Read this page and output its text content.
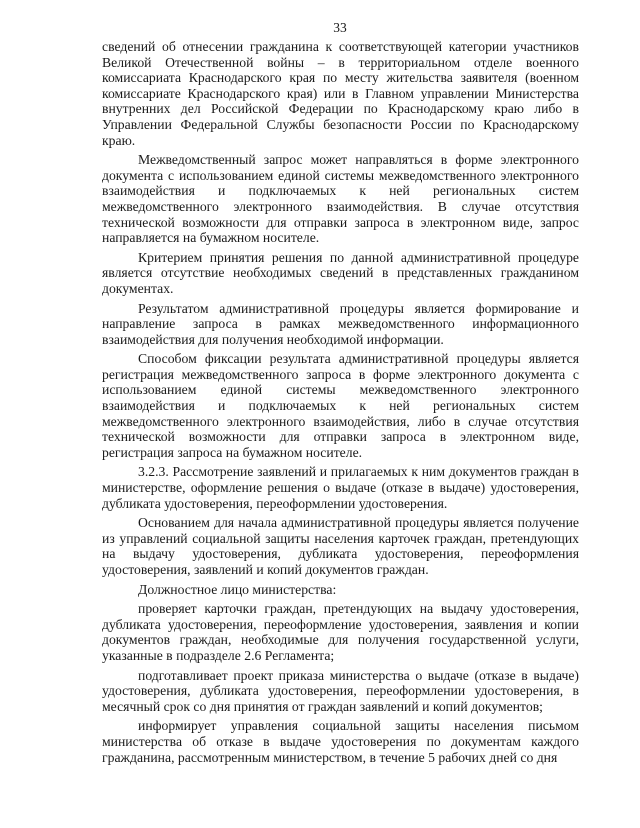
33

сведений об отнесении гражданина к соответствующей категории участников Великой Отечественной войны – в территориальном отделе военного комиссариата Краснодарского края по месту жительства заявителя (военном комиссариате Краснодарского края) или в Главном управлении Министерства внутренних дел Российской Федерации по Краснодарскому краю либо в Управлении Федеральной Службы безопасности России по Краснодарскому краю.

Межведомственный запрос может направляться в форме электронного документа с использованием единой системы межведомственного электронного взаимодействия и подключаемых к ней региональных систем межведомственного электронного взаимодействия. В случае отсутствия технической возможности для отправки запроса в электронном виде, запрос направляется на бумажном носителе.

Критерием принятия решения по данной административной процедуре является отсутствие необходимых сведений в представленных гражданином документах.

Результатом административной процедуры является формирование и направление запроса в рамках межведомственного информационного взаимодействия для получения необходимой информации.

Способом фиксации результата административной процедуры является регистрация межведомственного запроса в форме электронного документа с использованием единой системы межведомственного электронного взаимодействия и подключаемых к ней региональных систем межведомственного электронного взаимодействия, либо в случае отсутствия технической возможности для отправки запроса в электронном виде, регистрация запроса на бумажном носителе.

3.2.3. Рассмотрение заявлений и прилагаемых к ним документов граждан в министерстве, оформление решения о выдаче (отказе в выдаче) удостоверения, дубликата удостоверения, переоформлении удостоверения.

Основанием для начала административной процедуры является получение из управлений социальной защиты населения карточек граждан, претендующих на выдачу удостоверения, дубликата удостоверения, переоформления удостоверения, заявлений и копий документов граждан.

Должностное лицо министерства:

проверяет карточки граждан, претендующих на выдачу удостоверения, дубликата удостоверения, переоформление удостоверения, заявления и копии документов граждан, необходимые для получения государственной услуги, указанные в подразделе 2.6 Регламента;

подготавливает проект приказа министерства о выдаче (отказе в выдаче) удостоверения, дубликата удостоверения, переоформлении удостоверения, в месячный срок со дня принятия от граждан заявлений и копий документов;

информирует управления социальной защиты населения письмом министерства об отказе в выдаче удостоверения по документам каждого гражданина, рассмотренным министерством, в течение 5 рабочих дней со дня
